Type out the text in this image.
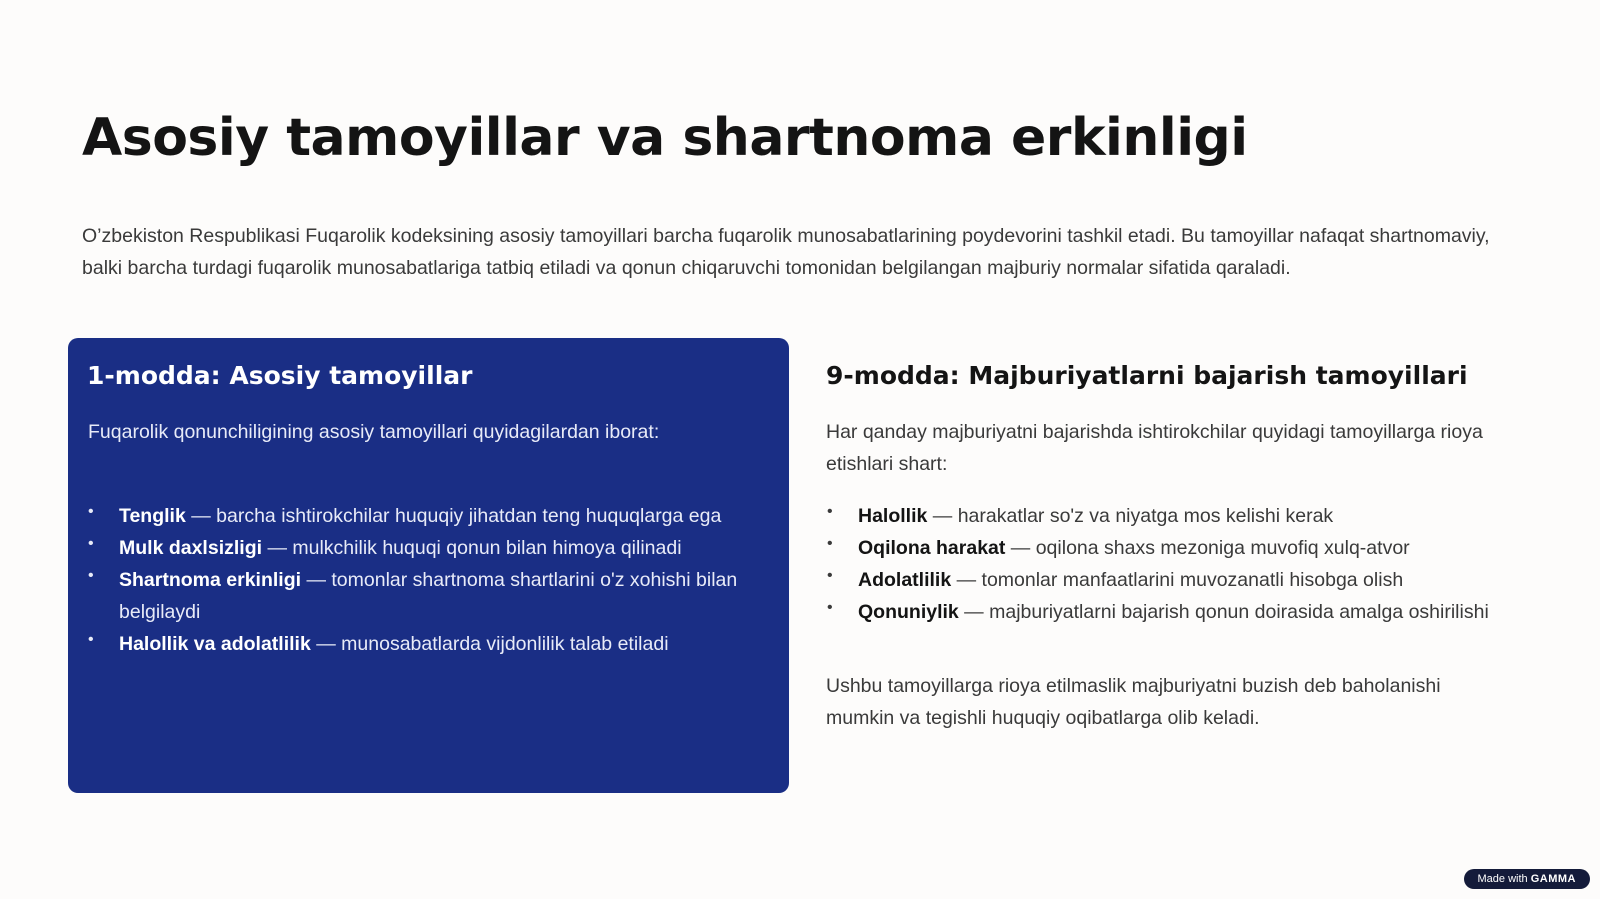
Asosiy tamoyillar va shartnoma erkinligi

O’zbekiston Respublikasi Fuqarolik kodeksining asosiy tamoyillari barcha fuqarolik munosabatlarining poydevorini tashkil etadi. Bu tamoyillar nafaqat shartnomaviy, balki barcha turdagi fuqarolik munosabatlariga tatbiq etiladi va qonun chiqaruvchi tomonidan belgilangan majburiy normalar sifatida qaraladi.

1-modda: Asosiy tamoyillar

Fuqarolik qonunchiligining asosiy tamoyillari quyidagilardan iborat:

• Tenglik — barcha ishtirokchilar huquqiy jihatdan teng huquqlarga ega
• Mulk daxlsizligi — mulkchilik huquqi qonun bilan himoya qilinadi
• Shartnoma erkinligi — tomonlar shartnoma shartlarini o'z xohishi bilan belgilaydi
• Halollik va adolatlilik — munosabatlarda vijdonlilik talab etiladi
9-modda: Majburiyatlarni bajarish tamoyillari

Har qanday majburiyatni bajarishda ishtirokchilar quyidagi tamoyillarga rioya etishlari shart:

• Halollik — harakatlar so'z va niyatga mos kelishi kerak
• Oqilona harakat — oqilona shaxs mezoniga muvofiq xulq-atvor
• Adolatlilik — tomonlar manfaatlarini muvozanatli hisobga olish
• Qonuniylik — majburiyatlarni bajarish qonun doirasida amalga oshirilishi

Ushbu tamoyillarga rioya etilmaslik majburiyatni buzish deb baholanishi mumkin va tegishli huquqiy oqibatlarga olib keladi.

Made with GAMMA
